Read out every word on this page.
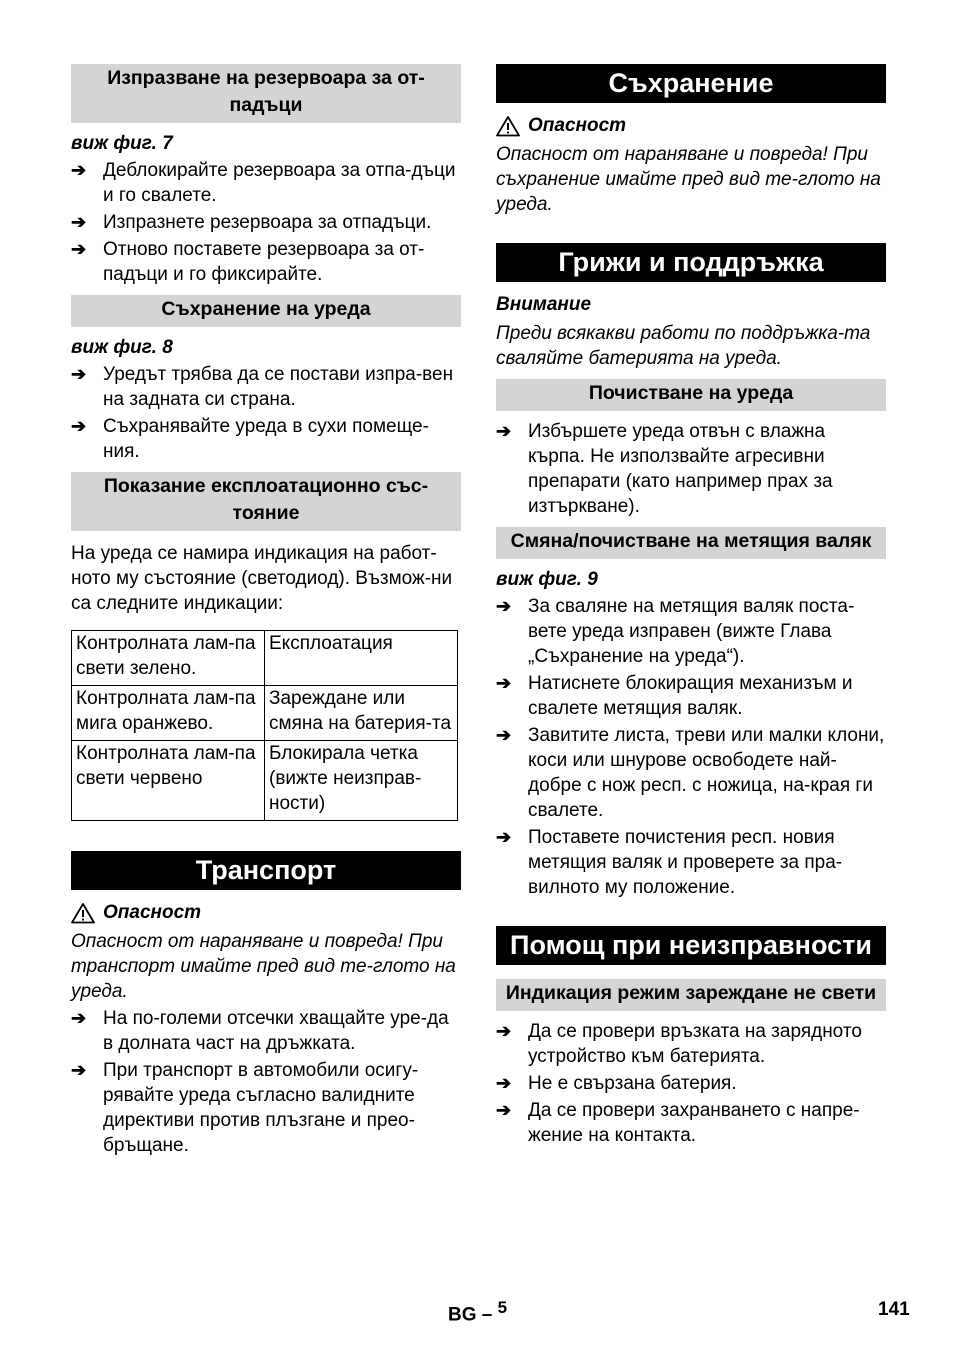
Изпразване на резервоара за от-падъци
виж фиг. 7
➔ Деблокирайте резервоара за отпа-дъци и го свалете.
➔ Изпразнете резервоара за отпадъци.
➔ Отново поставете резервоара за от-падъци и го фиксирайте.
Съхранение на уреда
виж фиг. 8
➔ Уредът трябва да се постави изпра-вен на задната си страна.
➔ Съхранявайте уреда в сухи помеще-ния.
Показание експлоатационно със-тояние
На уреда се намира индикация на работ-ното му състояние (светодиод). Възмож-ни са следните индикации:
Контролната лам-па свети зелено.	Експлоатация
Контролната лам-па мига оранжево.	Зареждане или смяна на батерия-та
Контролната лам-па свети червено	Блокирала четка (вижте неизправ-ности)
Транспорт
Опасност
Опасност от нараняване и повреда! При транспорт имайте пред вид те-глото на уреда.
➔ На по-големи отсечки хващайте уре-да в долната част на дръжката.
➔ При транспорт в автомобили осигу-рявайте уреда съгласно валидните директиви против плъзгане и прео-бръщане.
Съхранение
Опасност
Опасност от нараняване и повреда! При съхранение имайте пред вид те-глото на уреда.
Грижи и поддръжка
Внимание
Преди всякакви работи по поддръжка-та сваляйте батерията на уреда.
Почистване на уреда
➔ Избършете уреда отвън с влажна кърпа. Не използвайте агресивни препарати (като например прах за изтъркване).
Смяна/почистване на метящия валяк
виж фиг. 9
➔ За сваляне на метящия валяк поста-вете уреда изправен (вижте Глава „Съхранение на уреда“).
➔ Натиснете блокиращия механизъм и свалете метящия валяк.
➔ Завитите листа, треви или малки клони, коси или шнурове освободете най-добре с нож респ. с ножица, на-края ги свалете.
➔ Поставете почистения респ. новия метящия валяк и проверете за пра-вилното му положение.
Помощ при неизправности
Индикация режим зареждане не свети
➔ Да се провери връзката на зарядното устройство към батерията.
➔ Не е свързана батерия.
➔ Да се провери захранването с напре-жение на контакта.
BG – $^5$	141
